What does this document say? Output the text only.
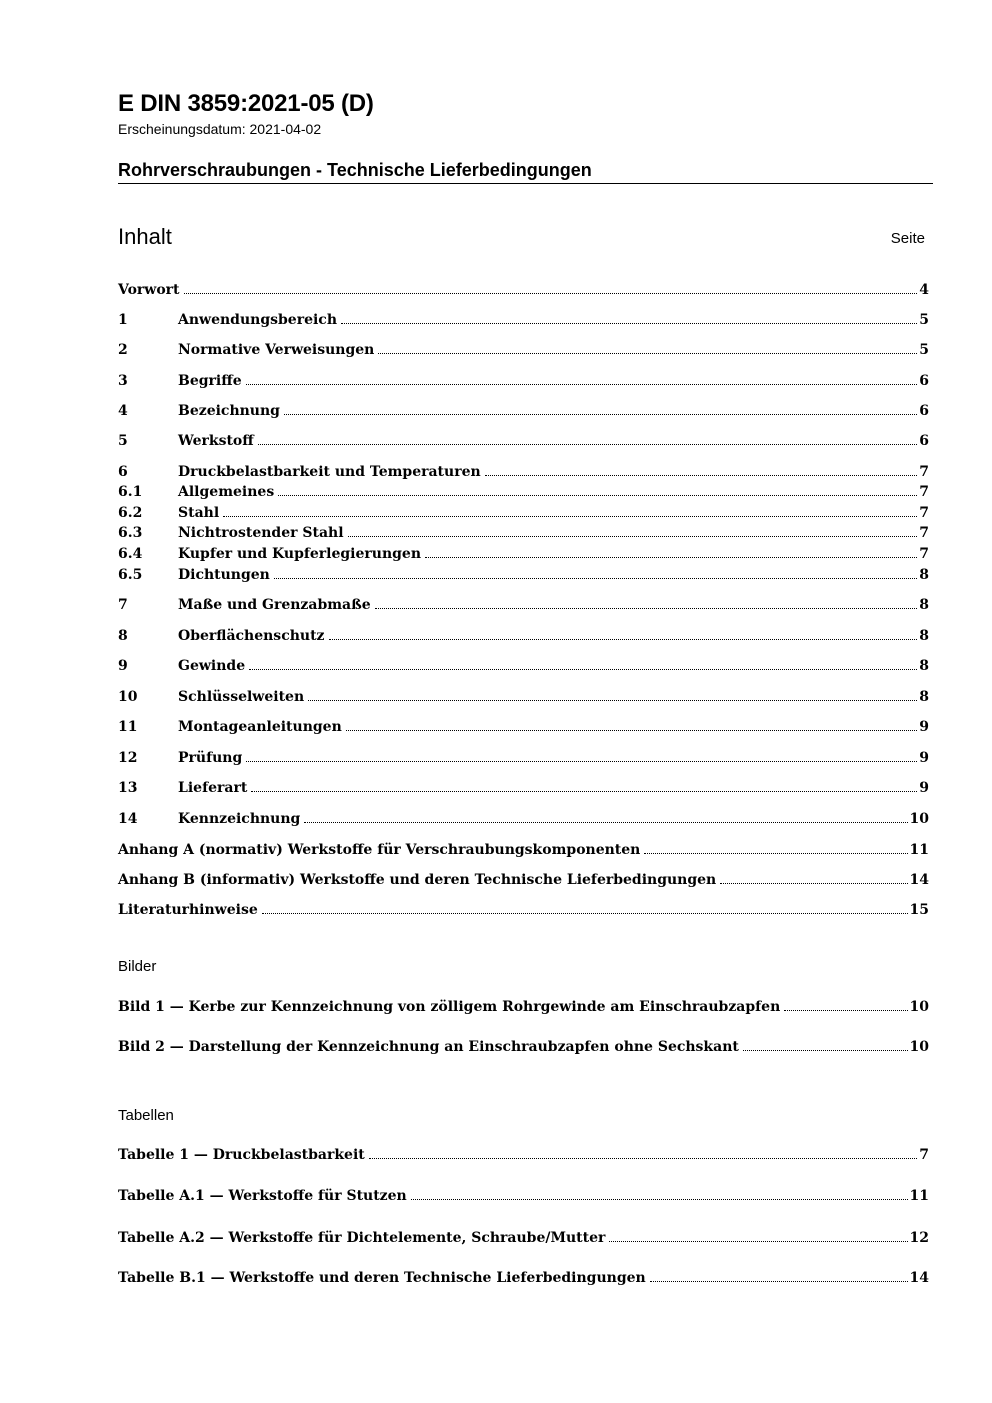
E DIN 3859:2021-05 (D)
Erscheinungsdatum: 2021-04-02
Rohrverschraubungen - Technische Lieferbedingungen
Inhalt	Seite
Vorwort	4
1	Anwendungsbereich	5
2	Normative Verweisungen	5
3	Begriffe	6
4	Bezeichnung	6
5	Werkstoff	6
6	Druckbelastbarkeit und Temperaturen	7
6.1	Allgemeines	7
6.2	Stahl	7
6.3	Nichtrostender Stahl	7
6.4	Kupfer und Kupferlegierungen	7
6.5	Dichtungen	8
7	Maße und Grenzabmaße	8
8	Oberflächenschutz	8
9	Gewinde	8
10	Schlüsselweiten	8
11	Montageanleitungen	9
12	Prüfung	9
13	Lieferart	9
14	Kennzeichnung	10
Anhang A (normativ) Werkstoffe für Verschraubungskomponenten	11
Anhang B (informativ) Werkstoffe und deren Technische Lieferbedingungen	14
Literaturhinweise	15
Bilder
Bild 1 — Kerbe zur Kennzeichnung von zölligem Rohrgewinde am Einschraubzapfen	10
Bild 2 — Darstellung der Kennzeichnung an Einschraubzapfen ohne Sechskant	10
Tabellen
Tabelle 1 — Druckbelastbarkeit	7
Tabelle A.1 — Werkstoffe für Stutzen	11
Tabelle A.2 — Werkstoffe für Dichtelemente, Schraube/Mutter	12
Tabelle B.1 — Werkstoffe und deren Technische Lieferbedingungen	14
